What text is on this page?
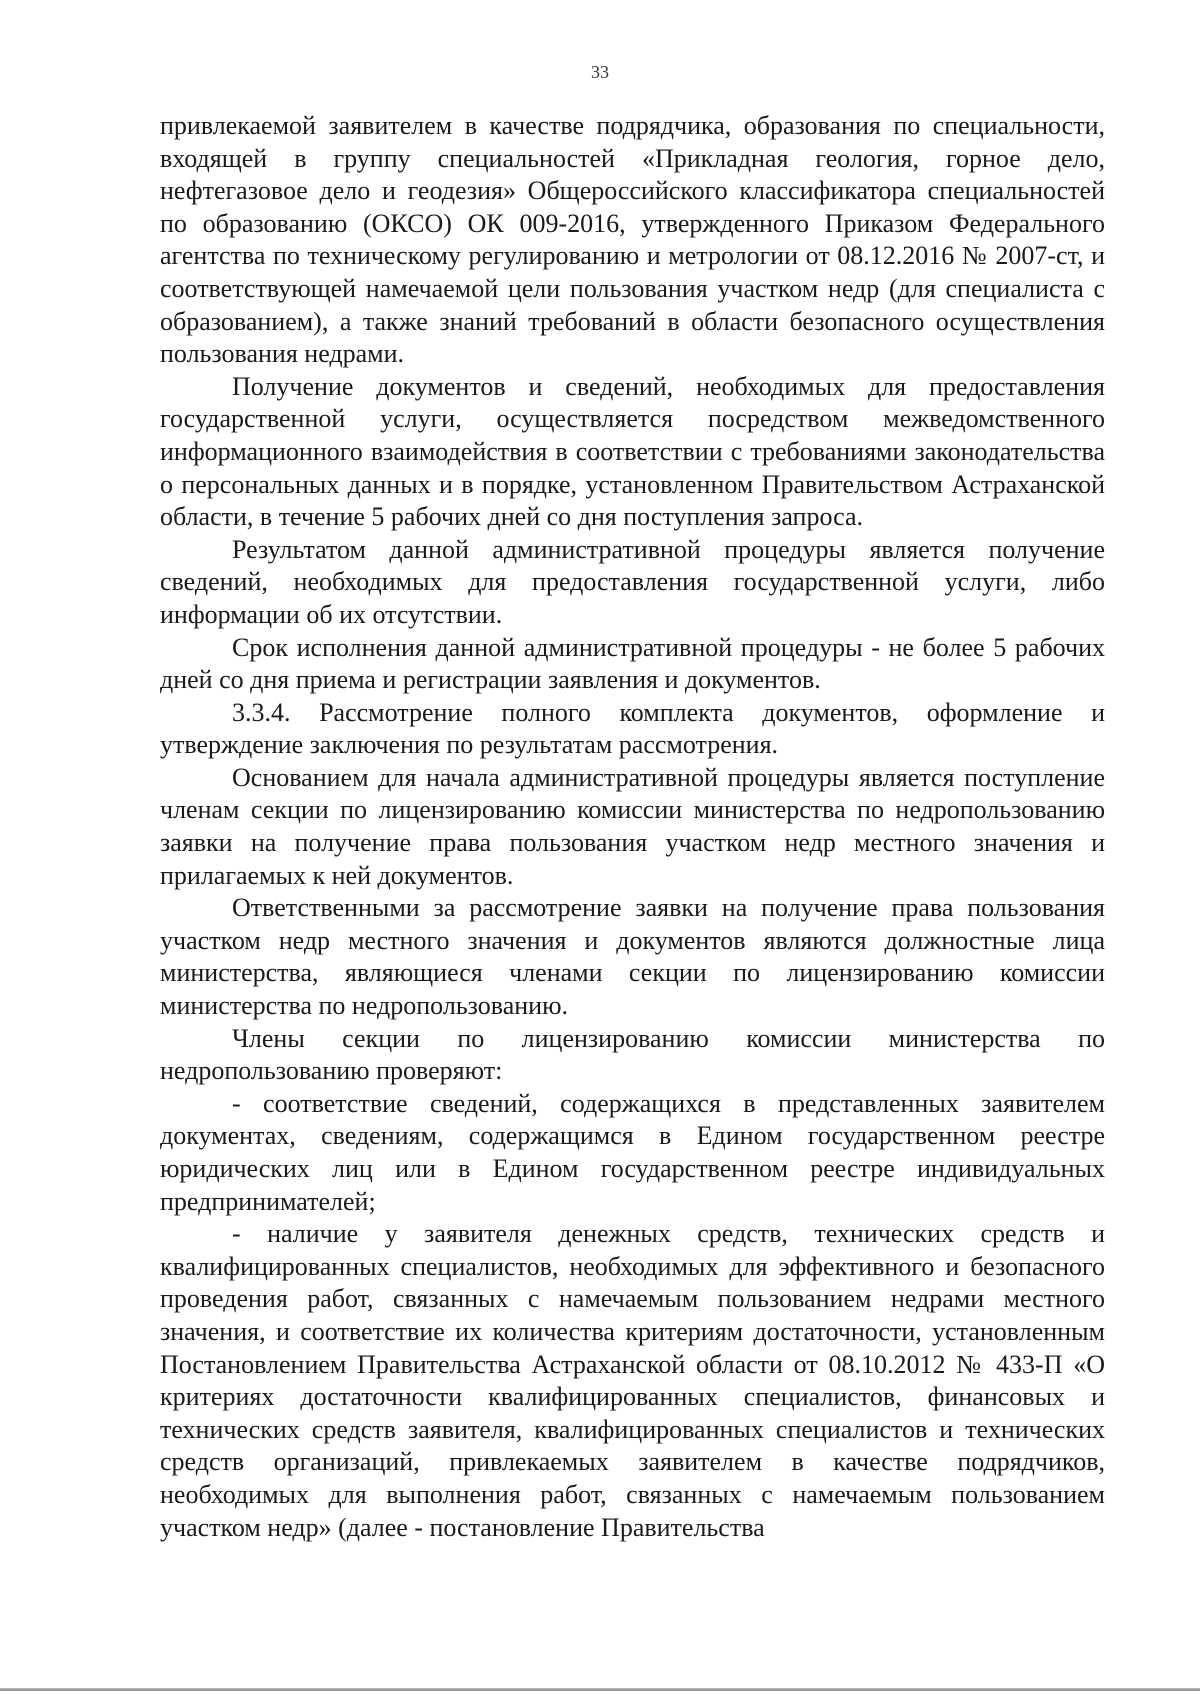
33

привлекаемой заявителем в качестве подрядчика, образования по специальности, входящей в группу специальностей «Прикладная геология, горное дело, нефтегазовое дело и геодезия» Общероссийского классификатора специальностей по образованию (ОКСО) ОК 009-2016, утвержденного Приказом Федерального агентства по техническому регулированию и метрологии от 08.12.2016 № 2007-ст, и соответствующей намечаемой цели пользования участком недр (для специалиста с образованием), а также знаний требований в области безопасного осуществления пользования недрами.

Получение документов и сведений, необходимых для предоставления государственной услуги, осуществляется посредством межведомственного информационного взаимодействия в соответствии с требованиями законодательства о персональных данных и в порядке, установленном Правительством Астраханской области, в течение 5 рабочих дней со дня поступления запроса.

Результатом данной административной процедуры является получение сведений, необходимых для предоставления государственной услуги, либо информации об их отсутствии.

Срок исполнения данной административной процедуры - не более 5 рабочих дней со дня приема и регистрации заявления и документов.

3.3.4. Рассмотрение полного комплекта документов, оформление и утверждение заключения по результатам рассмотрения.

Основанием для начала административной процедуры является поступление членам секции по лицензированию комиссии министерства по недропользованию заявки на получение права пользования участком недр местного значения и прилагаемых к ней документов.

Ответственными за рассмотрение заявки на получение права пользования участком недр местного значения и документов являются должностные лица министерства, являющиеся членами секции по лицензированию комиссии министерства по недропользованию.

Члены секции по лицензированию комиссии министерства по недропользованию проверяют:

- соответствие сведений, содержащихся в представленных заявителем документах, сведениям, содержащимся в Едином государственном реестре юридических лиц или в Едином государственном реестре индивидуальных предпринимателей;

- наличие у заявителя денежных средств, технических средств и квалифицированных специалистов, необходимых для эффективного и безопасного проведения работ, связанных с намечаемым пользованием недрами местного значения, и соответствие их количества критериям достаточности, установленным Постановлением Правительства Астраханской области от 08.10.2012 № 433-П «О критериях достаточности квалифицированных специалистов, финансовых и технических средств заявителя, квалифицированных специалистов и технических средств организаций, привлекаемых заявителем в качестве подрядчиков, необходимых для выполнения работ, связанных с намечаемым пользованием участком недр» (далее - постановление Правительства
